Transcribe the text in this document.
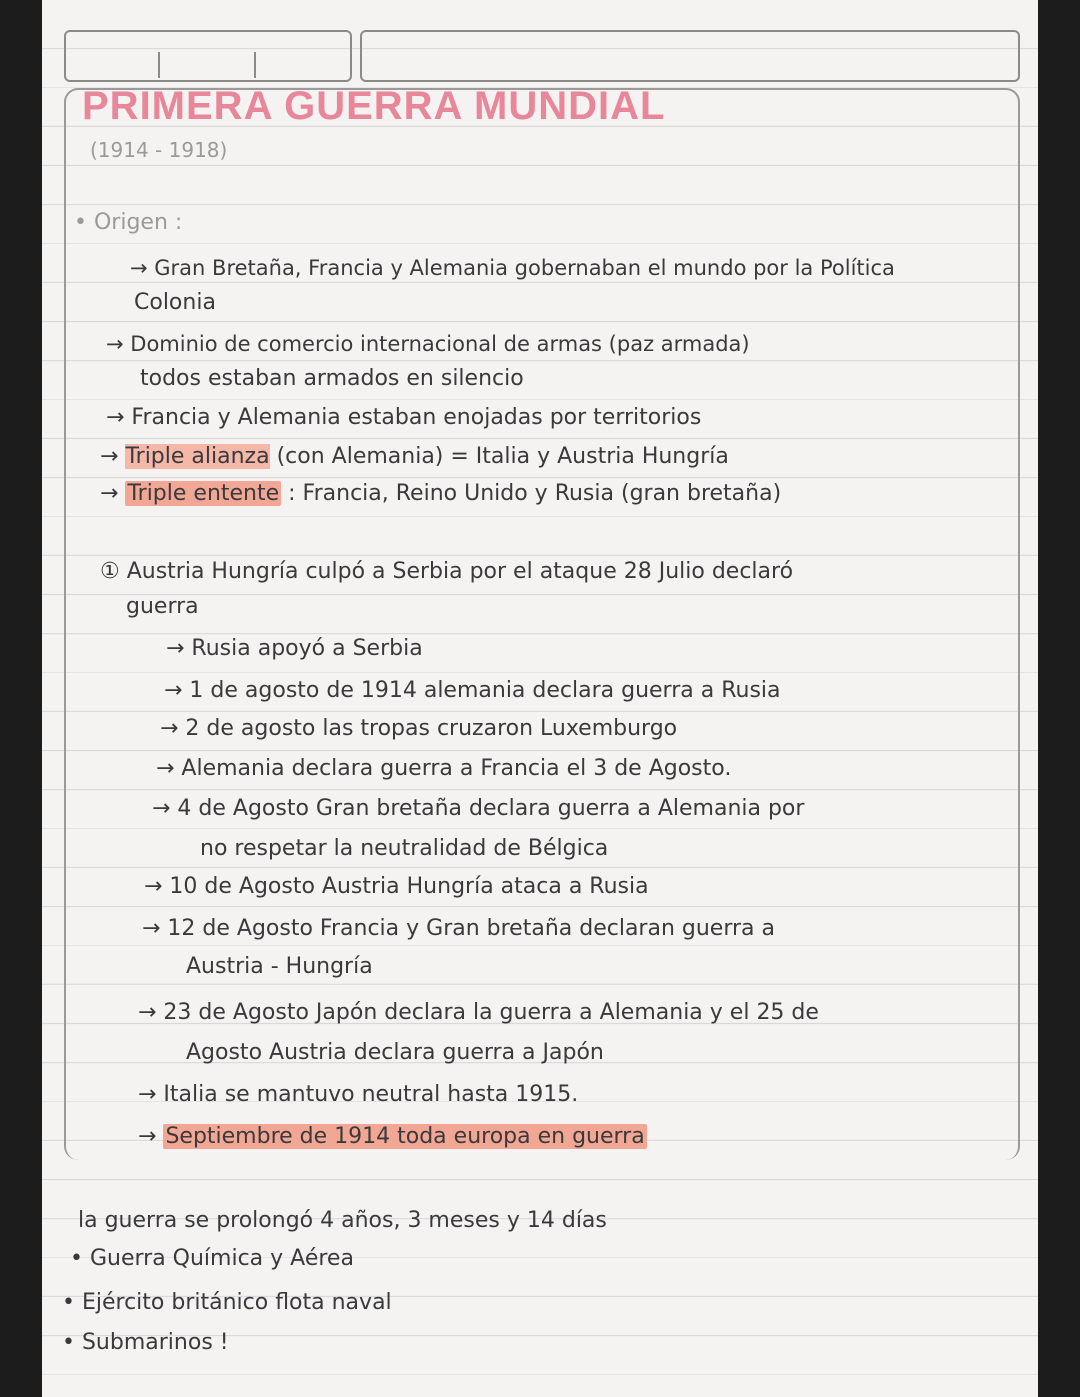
PRIMERA GUERRA MUNDIAL
(1914 - 1918)
• Origen :
→ Gran Bretaña, Francia y Alemania gobernaban el mundo por la Política
Colonia
→ Dominio de comercio internacional de armas (paz armada)
todos estaban armados en silencio
→ Francia y Alemania estaban enojadas por territorios
→ Triple alianza (con Alemania) = Italia y Austria Hungría
→ Triple entente : Francia, Reino Unido y Rusia (gran bretaña)
① Austria Hungría culpó a Serbia por el ataque 28 Julio declaró
guerra
→ Rusia apoyó a Serbia
→ 1 de agosto de 1914 alemania declara guerra a Rusia
→ 2 de agosto las tropas cruzaron Luxemburgo
→ Alemania declara guerra a Francia el 3 de Agosto.
→ 4 de Agosto Gran bretaña declara guerra a Alemania por
no respetar la neutralidad de Bélgica
→ 10 de Agosto Austria Hungría ataca a Rusia
→ 12 de Agosto Francia y Gran bretaña declaran guerra a
Austria - Hungría
→ 23 de Agosto Japón declara la guerra a Alemania y el 25 de
Agosto Austria declara guerra a Japón
→ Italia se mantuvo neutral hasta 1915.
→ Septiembre de 1914 toda europa en guerra
la guerra se prolongó 4 años, 3 meses y 14 días
• Guerra Química y Aérea
• Ejército británico flota naval
• Submarinos !
